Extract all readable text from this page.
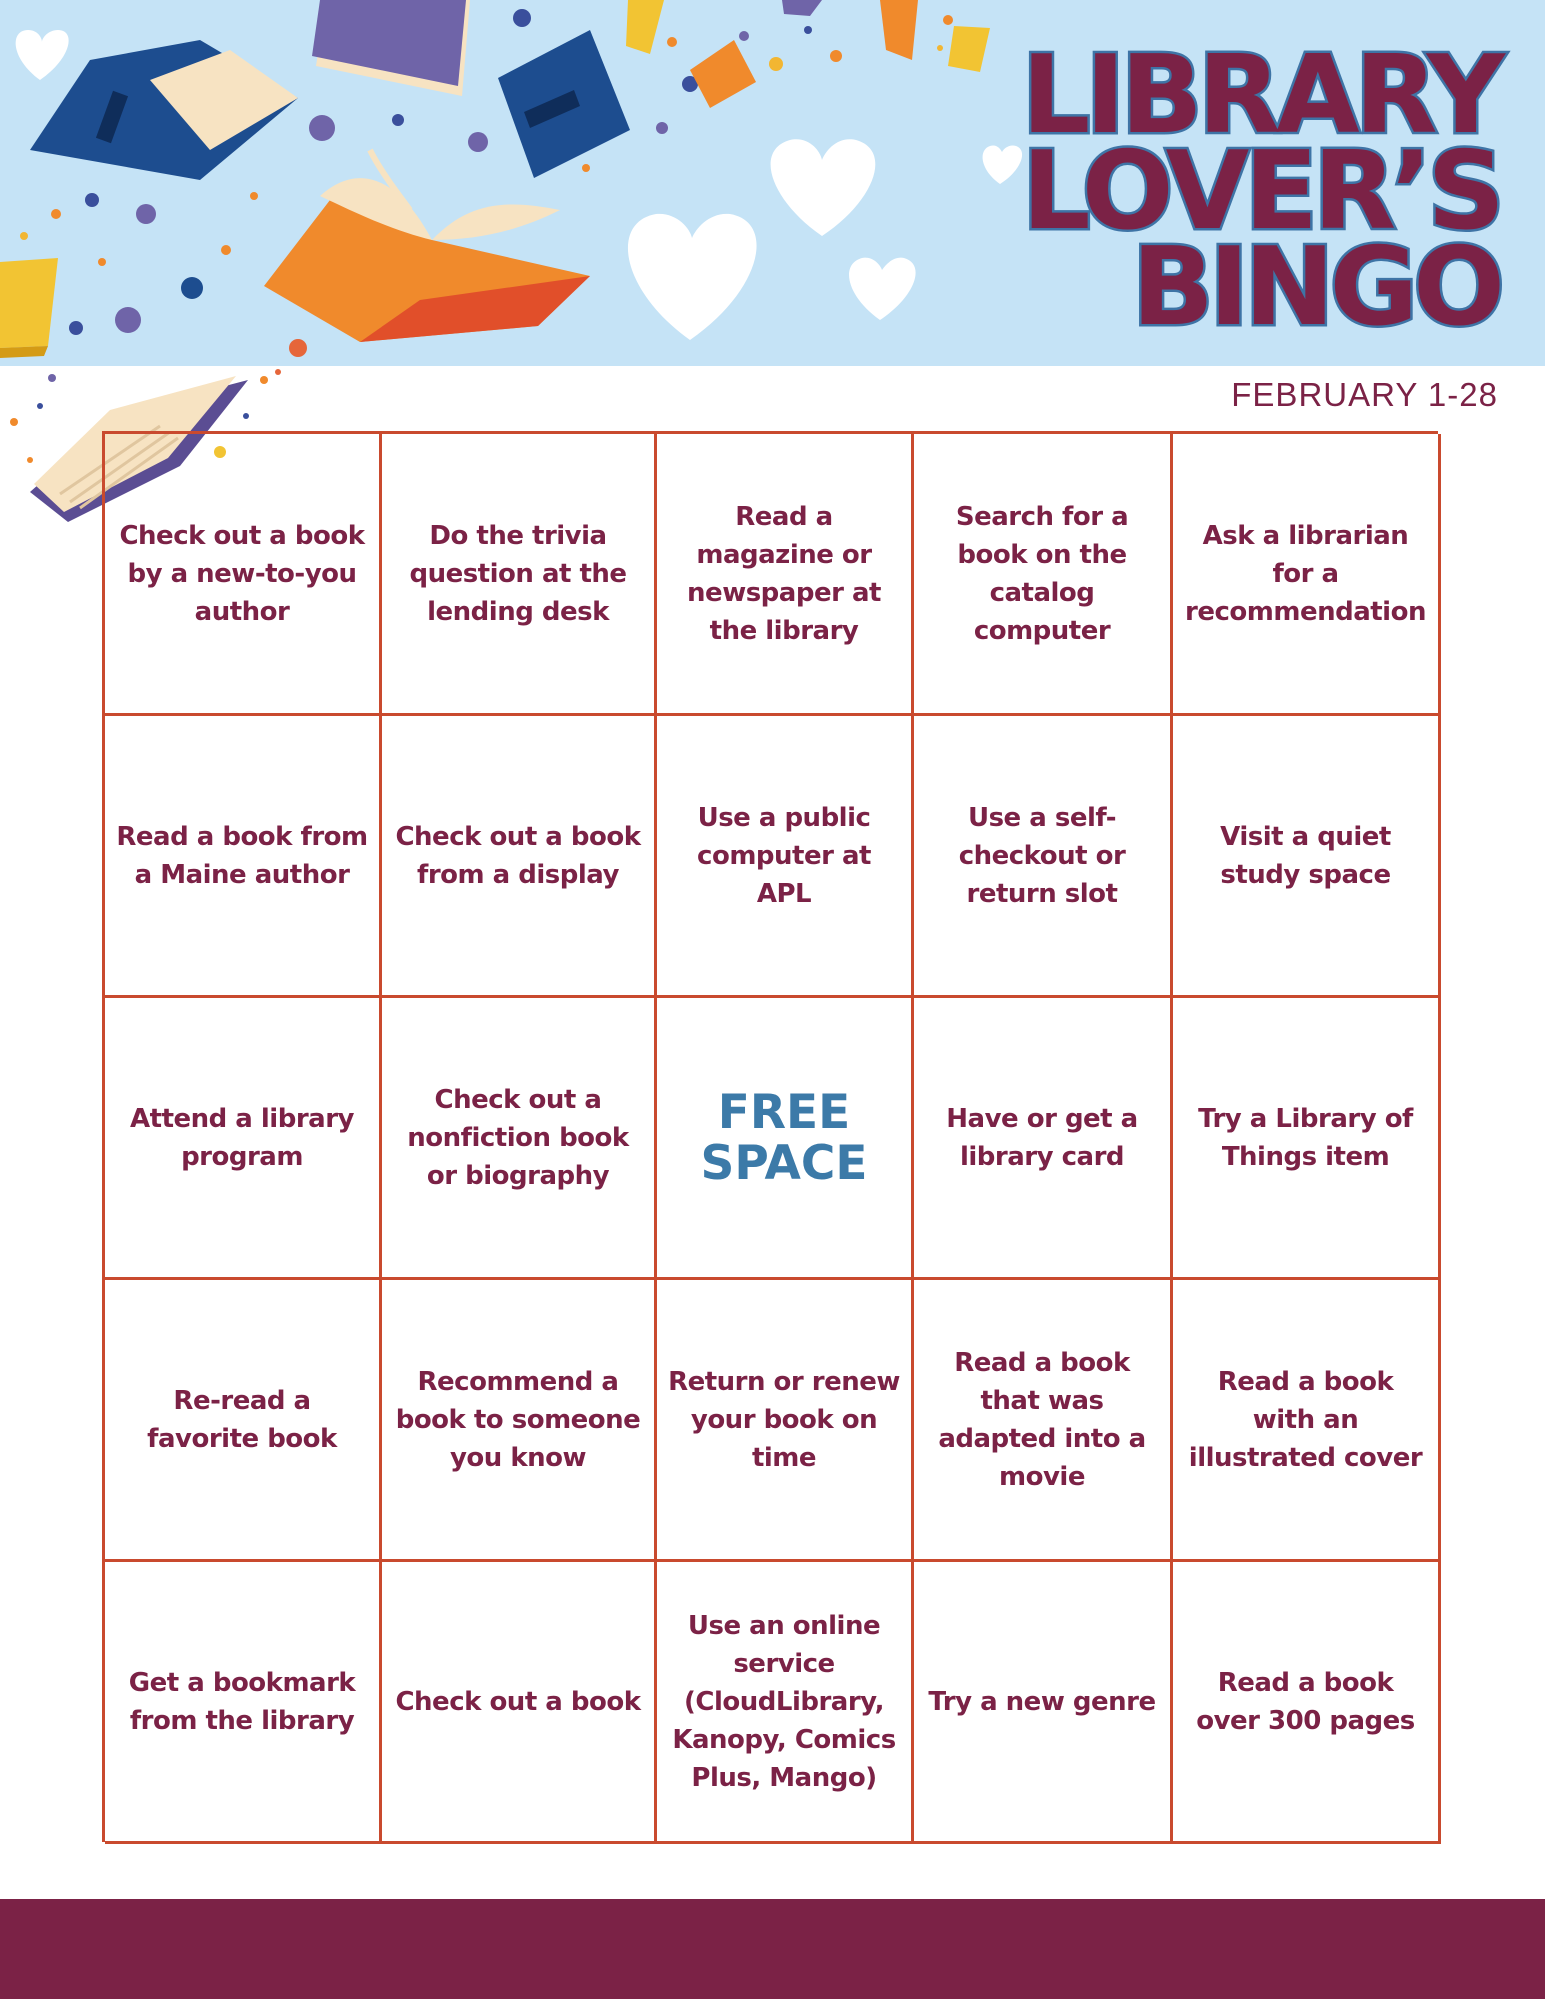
LIBRARY
LOVER’S
BINGO
FEBRUARY 1-28
Check out a book by a new-to-you author
Do the trivia question at the lending desk
Read a magazine or newspaper at the library
Search for a book on the catalog computer
Ask a librarian for a recommendation
Read a book from a Maine author
Check out a book from a display
Use a public computer at APL
Use a self-checkout or return slot
Visit a quiet study space
Attend a library program
Check out a nonfiction book or biography
FREE SPACE
Have or get a library card
Try a Library of Things item
Re-read a favorite book
Recommend a book to someone you know
Return or renew your book on time
Read a book that was adapted into a movie
Read a book with an illustrated cover
Get a bookmark from the library
Check out a book
Use an online service (CloudLibrary, Kanopy, Comics Plus, Mango)
Try a new genre
Read a book over 300 pages
